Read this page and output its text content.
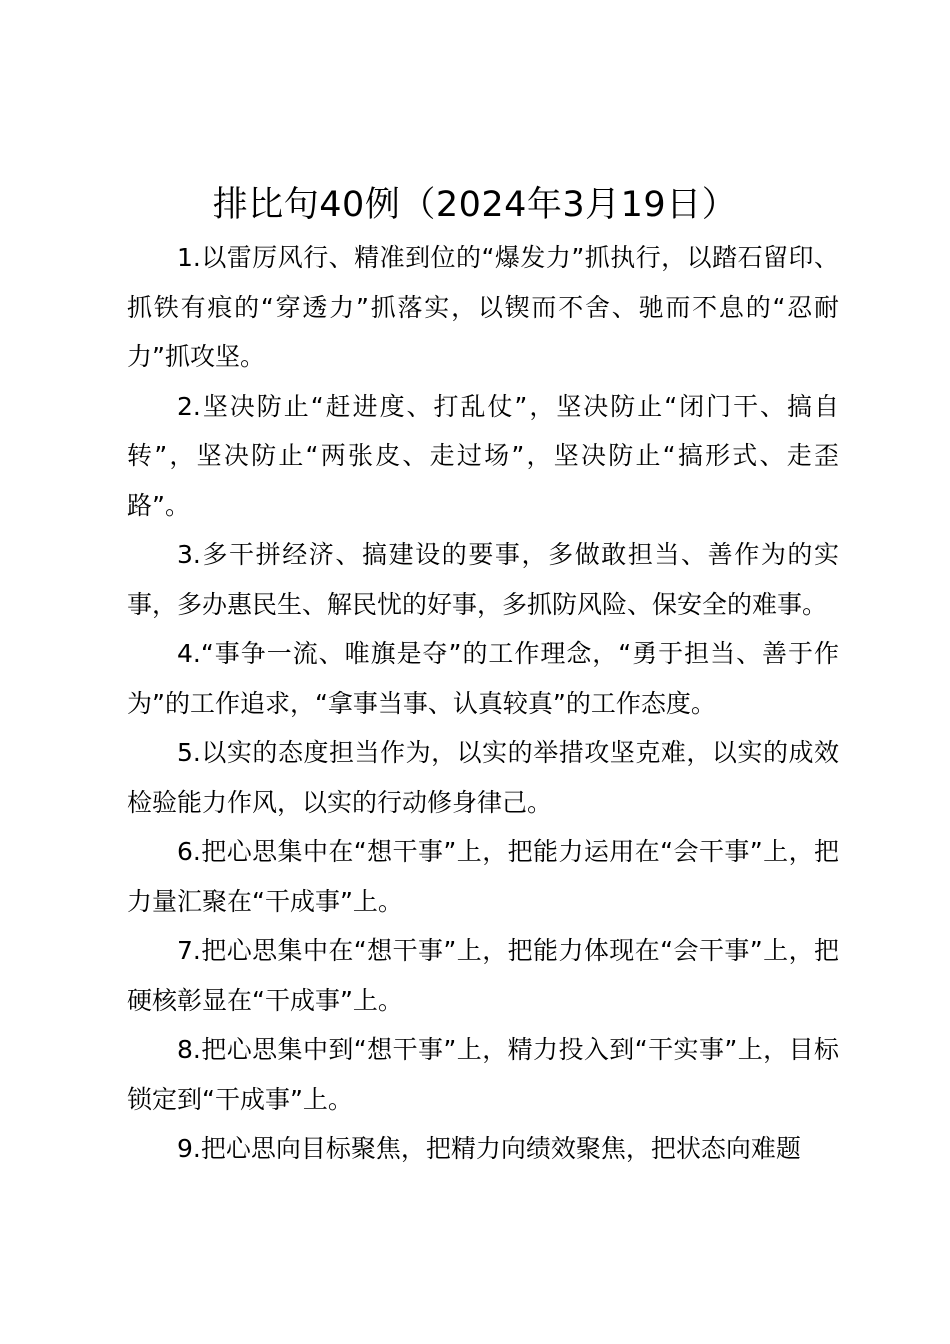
排比句40例（2024年3月19日）

1.以雷厉风行、精准到位的“爆发力”抓执行，以踏石留印、抓铁有痕的“穿透力”抓落实，以锲而不舍、驰而不息的“忍耐力”抓攻坚。

2.坚决防止“赶进度、打乱仗”，坚决防止“闭门干、搞自转”，坚决防止“两张皮、走过场”，坚决防止“搞形式、走歪路”。

3.多干拼经济、搞建设的要事，多做敢担当、善作为的实事，多办惠民生、解民忧的好事，多抓防风险、保安全的难事。

4.“事争一流、唯旗是夺”的工作理念，“勇于担当、善于作为”的工作追求，“拿事当事、认真较真”的工作态度。

5.以实的态度担当作为，以实的举措攻坚克难，以实的成效检验能力作风，以实的行动修身律己。

6.把心思集中在“想干事”上，把能力运用在“会干事”上，把力量汇聚在“干成事”上。

7.把心思集中在“想干事”上，把能力体现在“会干事”上，把硬核彰显在“干成事”上。

8.把心思集中到“想干事”上，精力投入到“干实事”上，目标锁定到“干成事”上。

9.把心思向目标聚焦，把精力向绩效聚焦，把状态向难题
